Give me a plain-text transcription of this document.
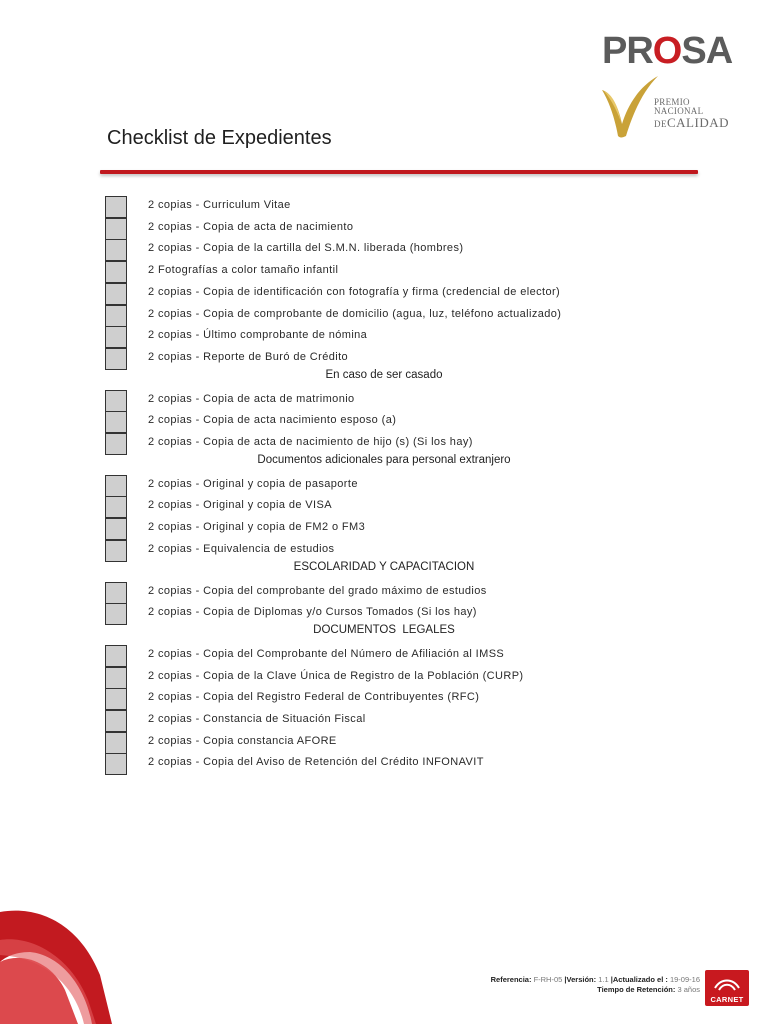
PROSA
PREMIO NACIONAL
DECALIDAD
Checklist de Expedientes
2 copias - Curriculum Vitae
2 copias - Copia de acta de nacimiento
2 copias - Copia de la cartilla del S.M.N. liberada (hombres)
2 Fotografías a color tamaño infantil
2 copias - Copia de identificación con fotografía y firma (credencial de elector)
2 copias - Copia de comprobante de domicilio (agua, luz, teléfono actualizado)
2 copias - Último comprobante de nómina
2 copias - Reporte de Buró de Crédito
En caso de ser casado
2 copias - Copia de acta de matrimonio
2 copias - Copia de acta nacimiento esposo (a)
2 copias - Copia de acta de nacimiento de hijo (s) (Si los hay)
Documentos adicionales para personal extranjero
2 copias - Original y copia de pasaporte
2 copias - Original y copia de VISA
2 copias - Original y copia de FM2 o FM3
2 copias - Equivalencia de estudios
ESCOLARIDAD Y CAPACITACION
2 copias - Copia del comprobante del grado máximo de estudios
2 copias - Copia de Diplomas y/o Cursos Tomados (Si los hay)
DOCUMENTOS  LEGALES
2 copias - Copia del Comprobante del Número de Afiliación al IMSS
2 copias - Copia de la Clave Única de Registro de la Población (CURP)
2 copias - Copia del Registro Federal de Contribuyentes (RFC)
2 copias - Constancia de Situación Fiscal
2 copias - Copia constancia AFORE
2 copias - Copia del Aviso de Retención del Crédito INFONAVIT
Referencia: F-RH-05 |Versión: 1.1 |Actualizado el : 19-09-16
Tiempo de Retención: 3 años
CARNET
